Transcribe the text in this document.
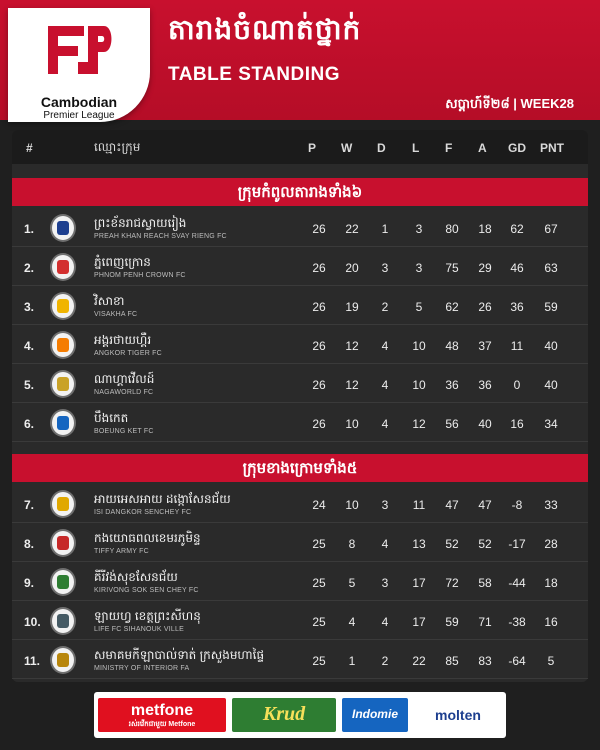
Cambodian
Premier League
តារាងចំណាត់ថ្នាក់
TABLE STANDING
សប្តាហ៍ទី២៨ | WEEK28
#	ឈ្មោះក្រុម	P W D L F A GD PNT
ក្រុមកំពូលតារាងទាំង៦
ក្រុមខាងក្រោមទាំង៥
1.	ព្រះខ័នរាជស្វាយរៀង
PREAH KHAN REACH SVAY RIENG FC
26	22	1	3	80	18	62	67
2.	ភ្នំពេញក្រោន
PHNOM PENH CROWN FC
26	20	3	3	75	29	46	63
3.	វិសាខា
VISAKHA FC
26	19	2	5	62	26	36	59
4.	អង្គរថាយហ្គឺរ
ANGKOR TIGER FC
26	12	4	10	48	37	11	40
5.	ណាហ្គាវើលដ៍
NAGAWORLD FC
26	12	4	10	36	36	0	40
6.	បឹងកេត
BOEUNG KET FC
26	10	4	12	56	40	16	34
7.	អាយអេសអាយ ដង្កោសែនជ័យ
ISI DANGKOR SENCHEY FC
24	10	3	11	47	47	-8	33
8.	កងយោធពលខេមរភូមិន្ទ
TIFFY ARMY FC
25	8	4	13	52	52	-17	28
9.	គីរីវង់សុខសែនជ័យ
KIRIVONG SOK SEN CHEY FC
25	5	3	17	72	58	-44	18
10.	ឡាយហ្វ ខេត្តព្រះសីហនុ
LIFE FC SIHANOUK VILLE
25	4	4	17	59	71	-38	16
11.	សមាគមកីឡាបាល់ទាត់ ក្រសួងមហាផ្ទៃ
MINISTRY OF INTERIOR FA
25	1	2	22	85	83	-64	5
metfone
រស់រវើកជាមួយ Metfone	Krud	Indomie	molten
